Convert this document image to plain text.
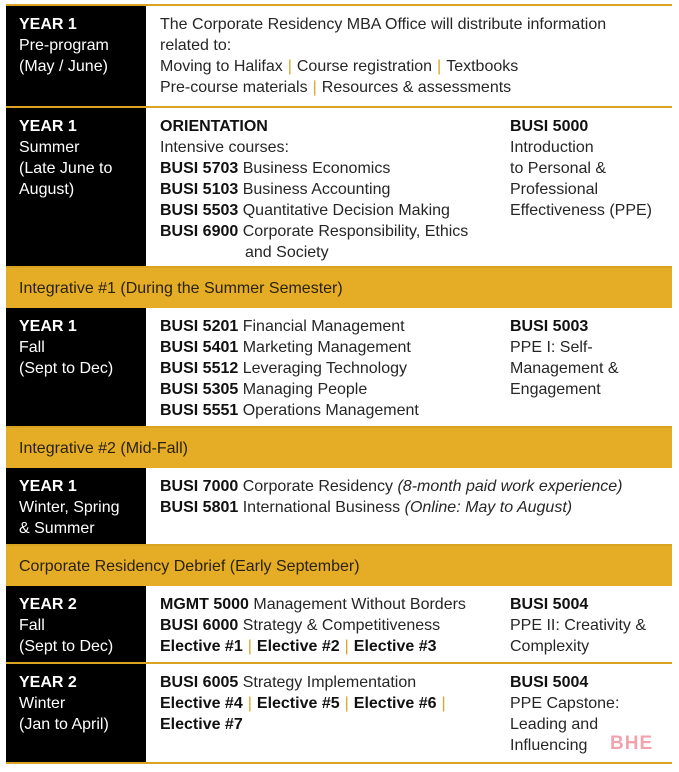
YEAR 1
Pre-program
(May / June)
The Corporate Residency MBA Office will distribute information
related to:
Moving to Halifax | Course registration | Textbooks
Pre-course materials | Resources & assessments
YEAR 1
Summer
(Late June to
August)
ORIENTATION
Intensive courses:
BUSI 5703 Business Economics
BUSI 5103 Business Accounting
BUSI 5503 Quantitative Decision Making
BUSI 6900 Corporate Responsibility, Ethics
and Society
BUSI 5000
Introduction
to Personal &
Professional
Effectiveness (PPE)
Integrative #1 (During the Summer Semester)
YEAR 1
Fall
(Sept to Dec)
BUSI 5201 Financial Management
BUSI 5401 Marketing Management
BUSI 5512 Leveraging Technology
BUSI 5305 Managing People
BUSI 5551 Operations Management
BUSI 5003
PPE I: Self-
Management &
Engagement
Integrative #2 (Mid-Fall)
YEAR 1
Winter, Spring
& Summer
BUSI 7000 Corporate Residency (8-month paid work experience)
BUSI 5801 International Business (Online: May to August)
Corporate Residency Debrief (Early September)
YEAR 2
Fall
(Sept to Dec)
MGMT 5000 Management Without Borders
BUSI 6000 Strategy & Competitiveness
Elective #1 | Elective #2 | Elective #3
BUSI 5004
PPE II: Creativity &
Complexity
YEAR 2
Winter
(Jan to April)
BUSI 6005 Strategy Implementation
Elective #4 | Elective #5 | Elective #6 |
Elective #7
BUSI 5004
PPE Capstone:
Leading and
Influencing	BHE
